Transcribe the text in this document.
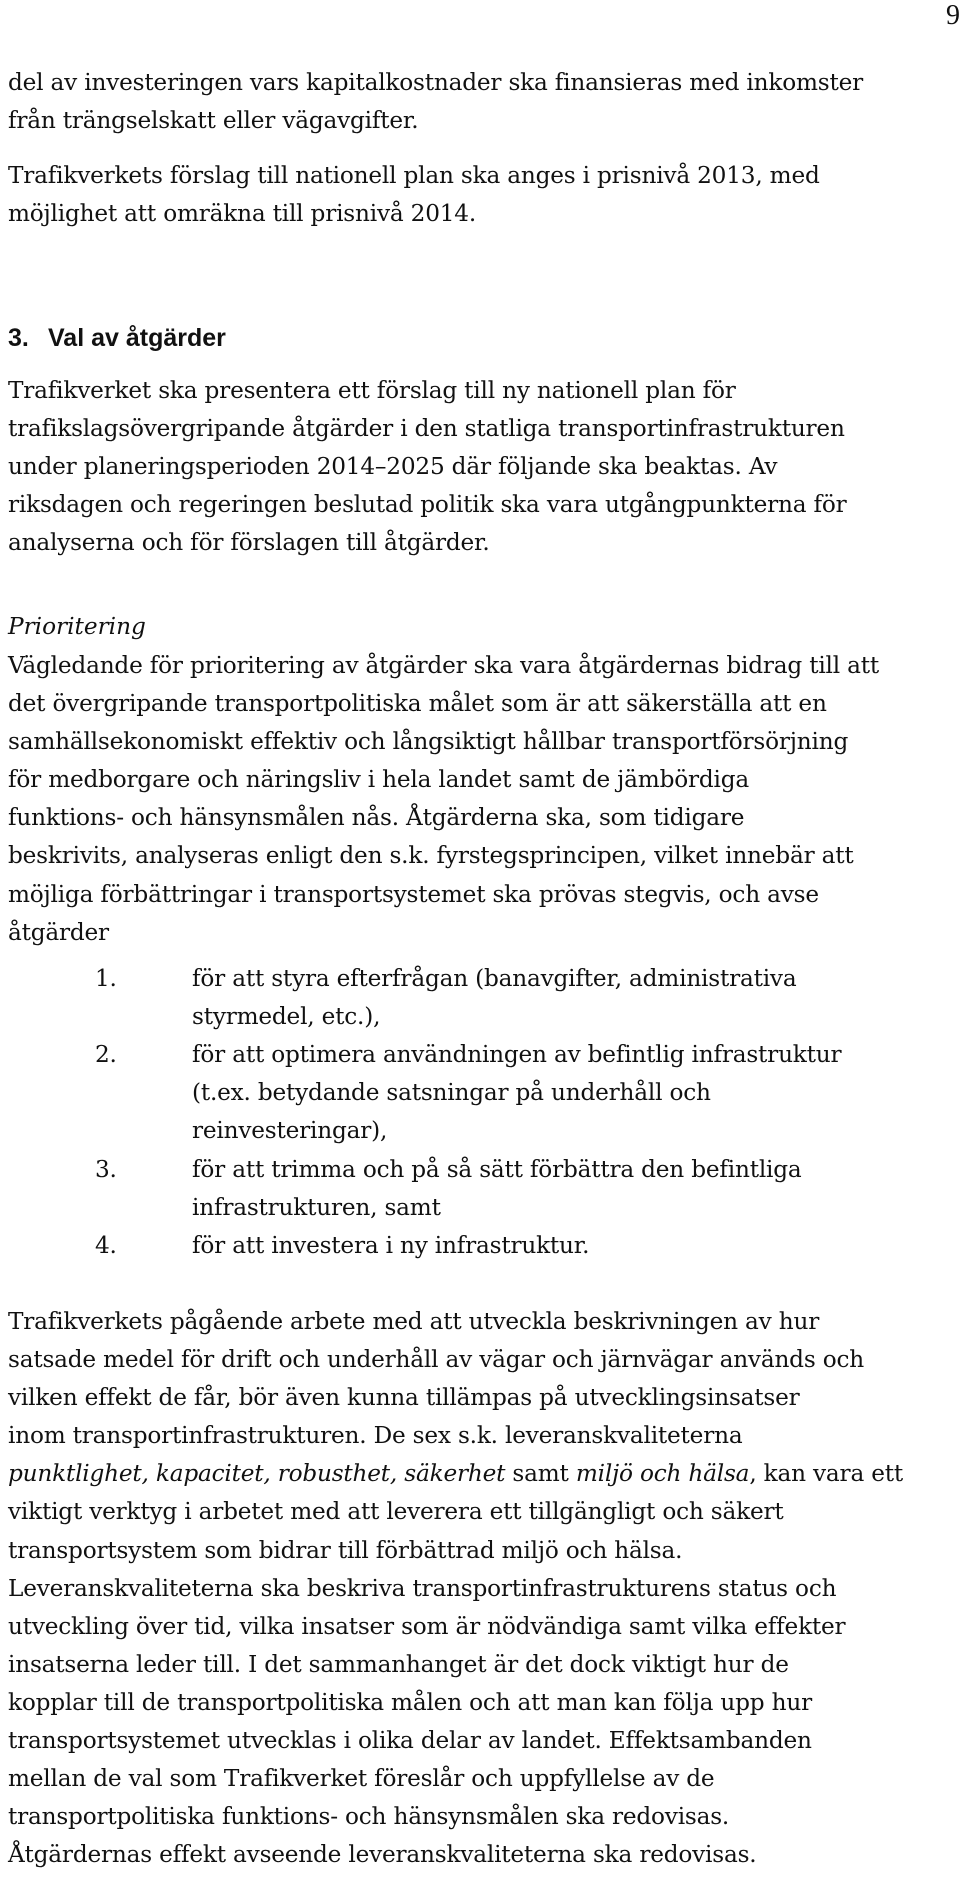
9

del av investeringen vars kapitalkostnader ska finansieras med inkomster
från trängselskatt eller vägavgifter.

Trafikverkets förslag till nationell plan ska anges i prisnivå 2013, med
möjlighet att omräkna till prisnivå 2014.

3. Val av åtgärder

Trafikverket ska presentera ett förslag till ny nationell plan för
trafikslagsövergripande åtgärder i den statliga transportinfrastrukturen
under planeringsperioden 2014–2025 där följande ska beaktas. Av
riksdagen och regeringen beslutad politik ska vara utgångpunkterna för
analyserna och för förslagen till åtgärder.

Prioritering

Vägledande för prioritering av åtgärder ska vara åtgärdernas bidrag till att
det övergripande transportpolitiska målet som är att säkerställa att en
samhällsekonomiskt effektiv och långsiktigt hållbar transportförsörjning
för medborgare och näringsliv i hela landet samt de jämbördiga
funktions- och hänsynsmålen nås. Åtgärderna ska, som tidigare
beskrivits, analyseras enligt den s.k. fyrstegsprincipen, vilket innebär att
möjliga förbättringar i transportsystemet ska prövas stegvis, och avse
åtgärder

1.	för att styra efterfrågan (banavgifter, administrativa
styrmedel, etc.),
2.	för att optimera användningen av befintlig infrastruktur
(t.ex. betydande satsningar på underhåll och
reinvesteringar),
3.	för att trimma och på så sätt förbättra den befintliga
infrastrukturen, samt
4.	för att investera i ny infrastruktur.

Trafikverkets pågående arbete med att utveckla beskrivningen av hur
satsade medel för drift och underhåll av vägar och järnvägar används och
vilken effekt de får, bör även kunna tillämpas på utvecklingsinsatser
inom transportinfrastrukturen. De sex s.k. leveranskvaliteterna
punktlighet, kapacitet, robusthet, säkerhet samt miljö och hälsa, kan vara ett
viktigt verktyg i arbetet med att leverera ett tillgängligt och säkert
transportsystem som bidrar till förbättrad miljö och hälsa.
Leveranskvaliteterna ska beskriva transportinfrastrukturens status och
utveckling över tid, vilka insatser som är nödvändiga samt vilka effekter
insatserna leder till. I det sammanhanget är det dock viktigt hur de
kopplar till de transportpolitiska målen och att man kan följa upp hur
transportsystemet utvecklas i olika delar av landet. Effektsambanden
mellan de val som Trafikverket föreslår och uppfyllelse av de
transportpolitiska funktions- och hänsynsmålen ska redovisas.
Åtgärdernas effekt avseende leveranskvaliteterna ska redovisas.
